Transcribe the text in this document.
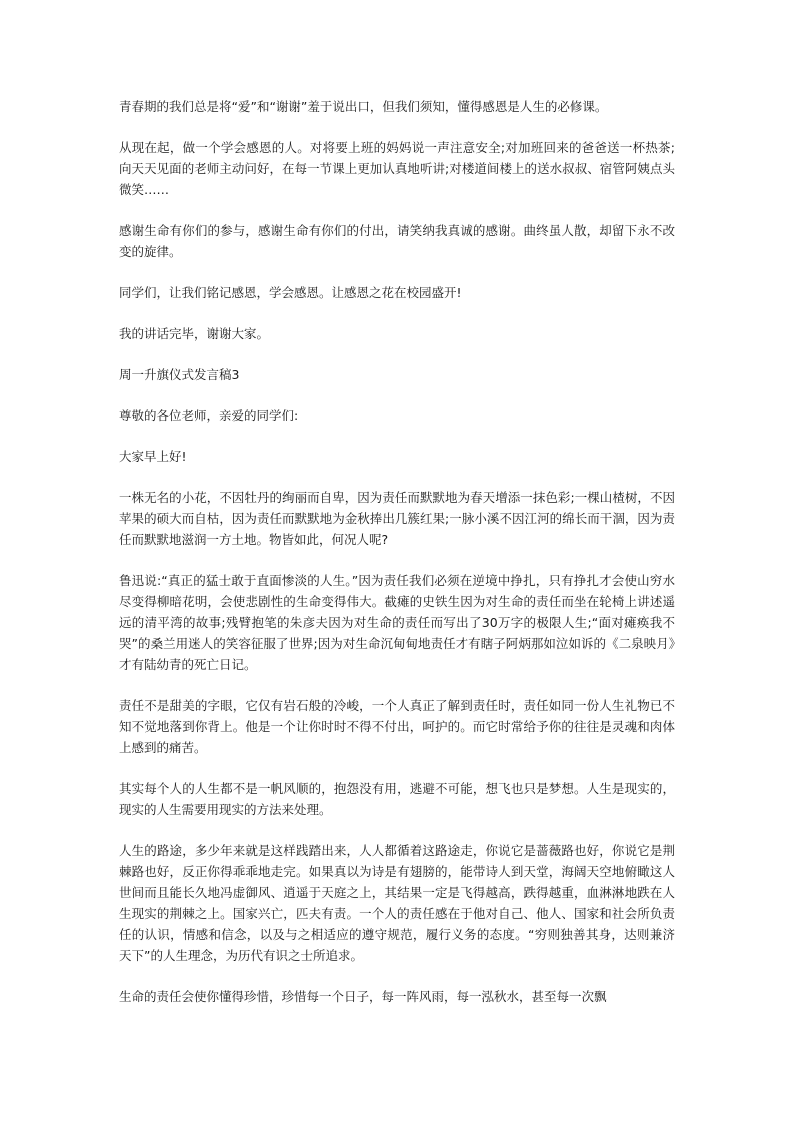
青春期的我们总是将“爱”和“谢谢”羞于说出口，但我们须知，懂得感恩是人生的必修课。

从现在起，做一个学会感恩的人。对将要上班的妈妈说一声注意安全;对加班回来的爸爸送一杯热茶;向天天见面的老师主动问好，在每一节课上更加认真地听讲;对楼道间楼上的送水叔叔、宿管阿姨点头微笑……

感谢生命有你们的参与，感谢生命有你们的付出，请笑纳我真诚的感谢。曲终虽人散，却留下永不改变的旋律。

同学们，让我们铭记感恩，学会感恩。让感恩之花在校园盛开!

我的讲话完毕，谢谢大家。

周一升旗仪式发言稿3

尊敬的各位老师，亲爱的同学们:

大家早上好!

一株无名的小花，不因牡丹的绚丽而自卑，因为责任而默默地为春天增添一抹色彩;一棵山楂树，不因苹果的硕大而自枯，因为责任而默默地为金秋捧出几簇红果;一脉小溪不因江河的绵长而干涸，因为责任而默默地滋润一方土地。物皆如此，何况人呢?

鲁迅说:“真正的猛士敢于直面惨淡的人生。”因为责任我们必须在逆境中挣扎，只有挣扎才会使山穷水尽变得柳暗花明，会使悲剧性的生命变得伟大。截瘫的史铁生因为对生命的责任而坐在轮椅上讲述遥远的清平湾的故事;残臂抱笔的朱彦夫因为对生命的责任而写出了30万字的极限人生;“面对瘫痪我不哭”的桑兰用迷人的笑容征服了世界;因为对生命沉甸甸地责任才有瞎子阿炳那如泣如诉的《二泉映月》才有陆幼青的死亡日记。

责任不是甜美的字眼，它仅有岩石般的冷峻，一个人真正了解到责任时，责任如同一份人生礼物已不知不觉地落到你背上。他是一个让你时时不得不付出，呵护的。而它时常给予你的往往是灵魂和肉体上感到的痛苦。

其实每个人的人生都不是一帆风顺的，抱怨没有用，逃避不可能，想飞也只是梦想。人生是现实的，现实的人生需要用现实的方法来处理。

人生的路途，多少年来就是这样践踏出来，人人都循着这路途走，你说它是蔷薇路也好，你说它是荆棘路也好，反正你得乖乖地走完。如果真以为诗是有翅膀的，能带诗人到天堂，海阔天空地俯瞰这人世间而且能长久地冯虚御风、逍遥于天庭之上，其结果一定是飞得越高，跌得越重，血淋淋地跌在人生现实的荆棘之上。国家兴亡，匹夫有责。一个人的责任感在于他对自己、他人、国家和社会所负责任的认识，情感和信念，以及与之相适应的遵守规范，履行义务的态度。“穷则独善其身，达则兼济天下”的人生理念，为历代有识之士所追求。

生命的责任会使你懂得珍惜，珍惜每一个日子，每一阵风雨，每一泓秋水，甚至每一次飘
